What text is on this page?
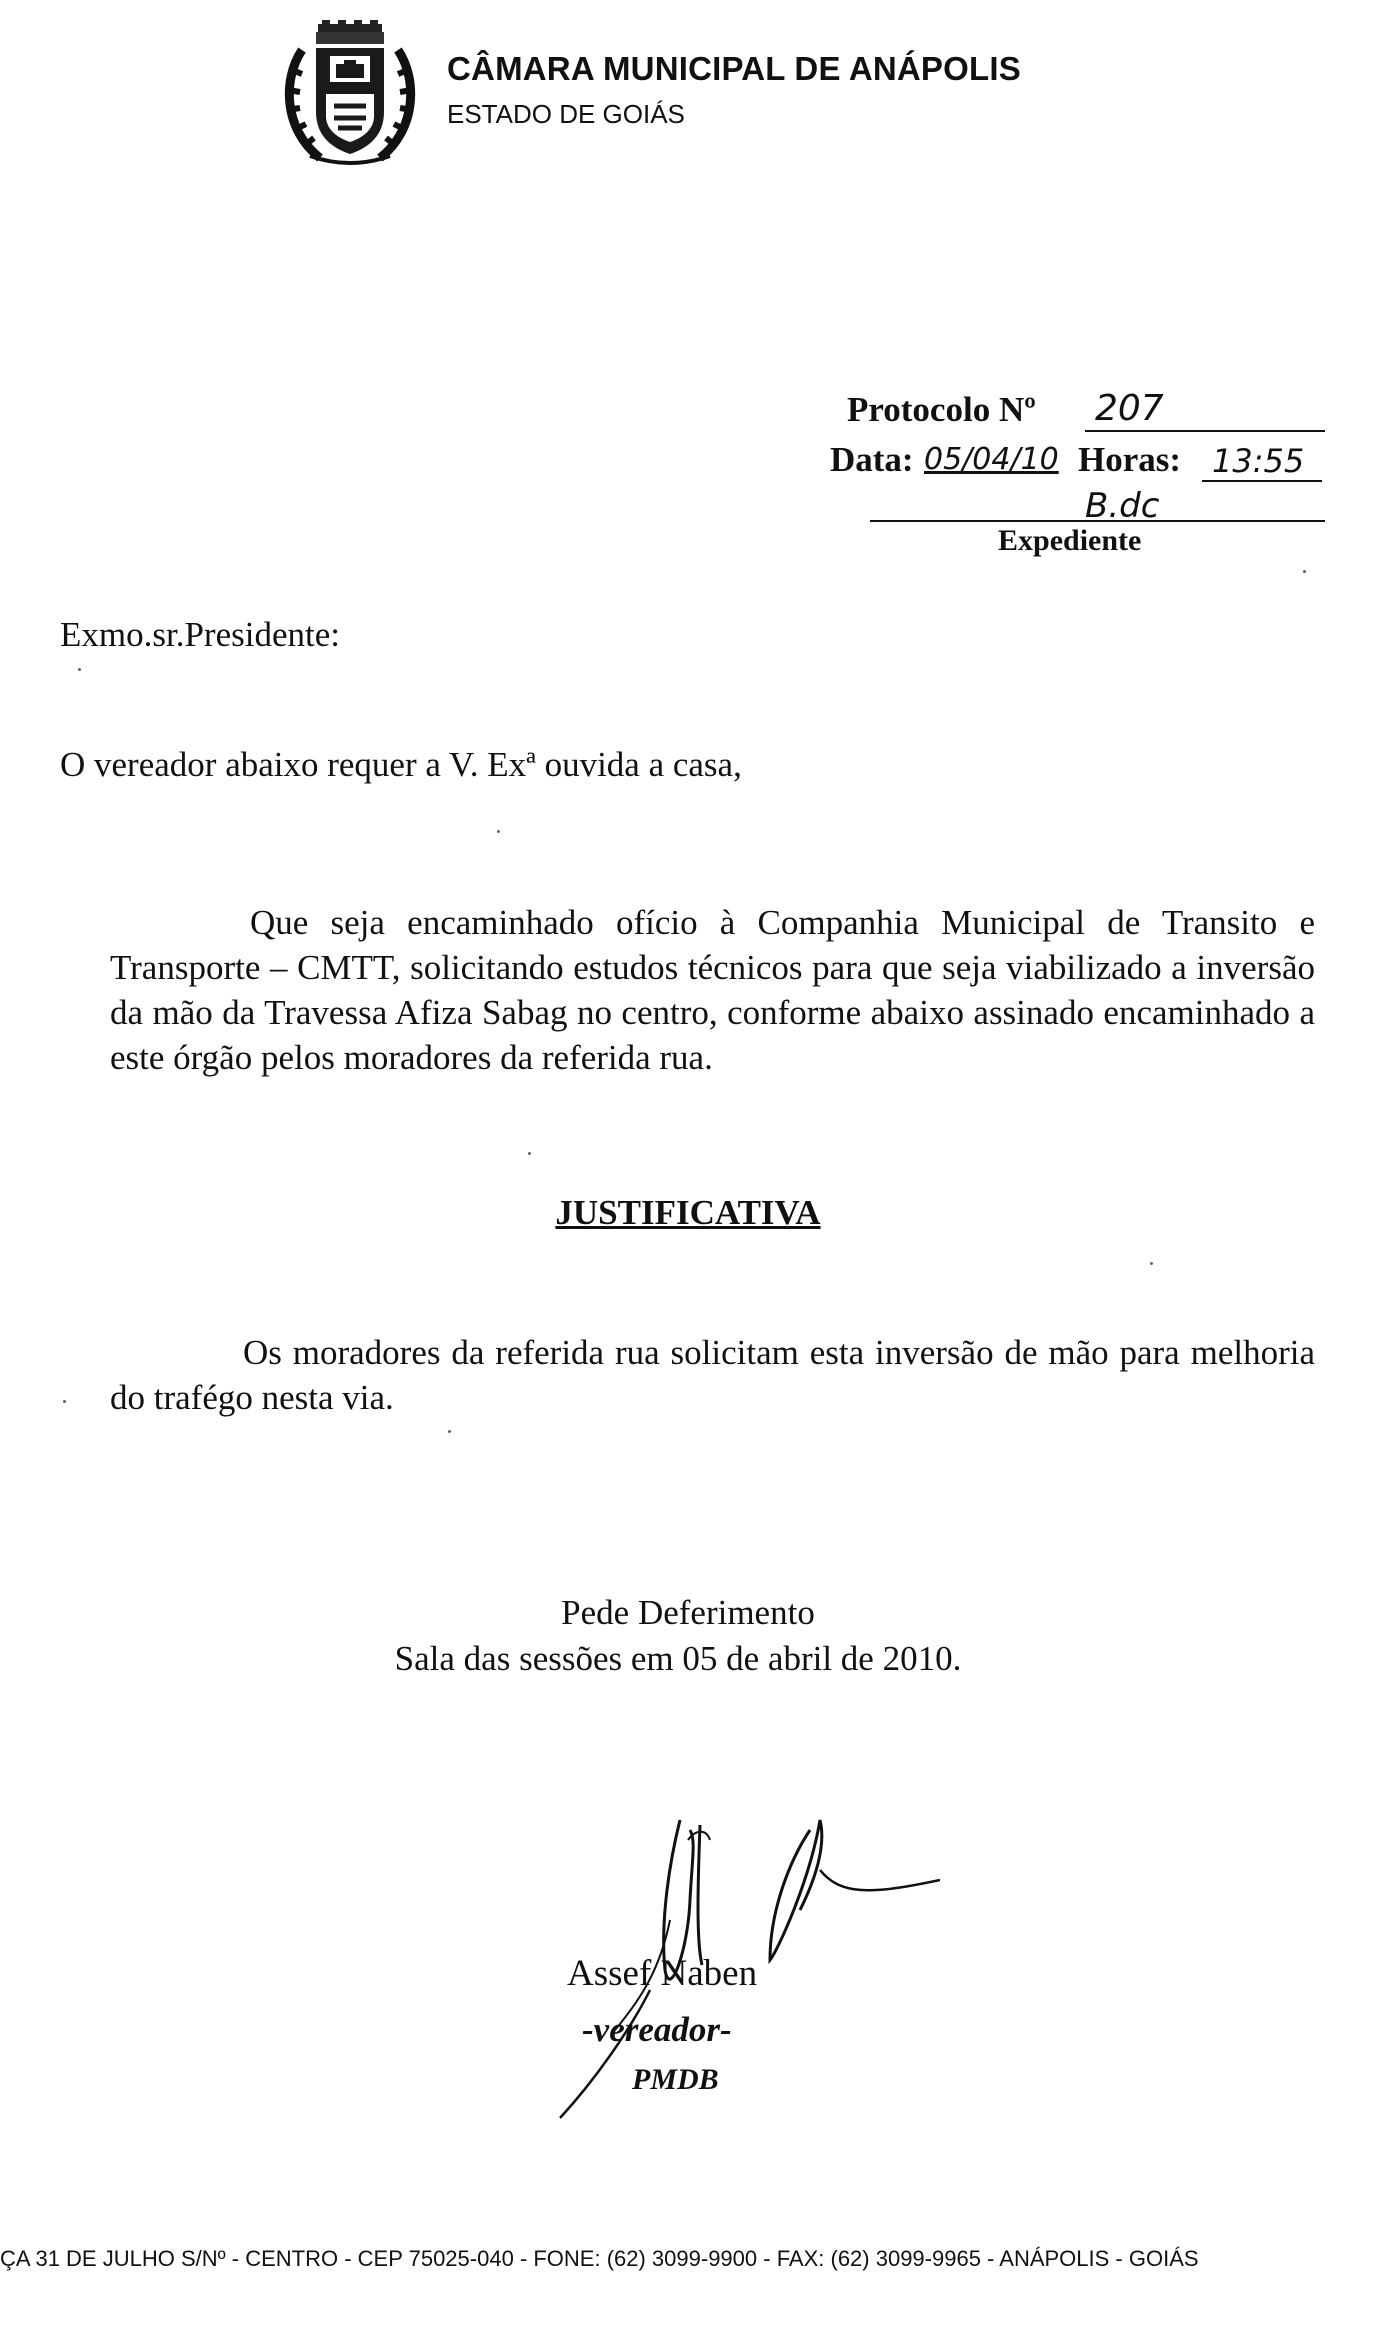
CÂMARA MUNICIPAL DE ANÁPOLIS
ESTADO DE GOIÁS
Protocolo Nº 207
Data: 05/04/10 Horas: 13:55
B.dc
Expediente
Exmo.sr.Presidente:
O vereador abaixo requer a V. Exª ouvida a casa,

Que seja encaminhado ofício à Companhia Municipal de Transito e Transporte – CMTT, solicitando estudos técnicos para que seja viabilizado a inversão da mão da Travessa Afiza Sabag no centro, conforme abaixo assinado encaminhado a este órgão pelos moradores da referida rua.

JUSTIFICATIVA

Os moradores da referida rua solicitam esta inversão de mão para melhoria do trafégo nesta via.

Pede Deferimento
Sala das sessões em 05 de abril de 2010.
Assef Naben
-vereador-
PMDB
ÇA 31 DE JULHO S/Nº - CENTRO - CEP 75025-040 - FONE: (62) 3099-9900 - FAX: (62) 3099-9965 - ANÁPOLIS - GOIÁS
